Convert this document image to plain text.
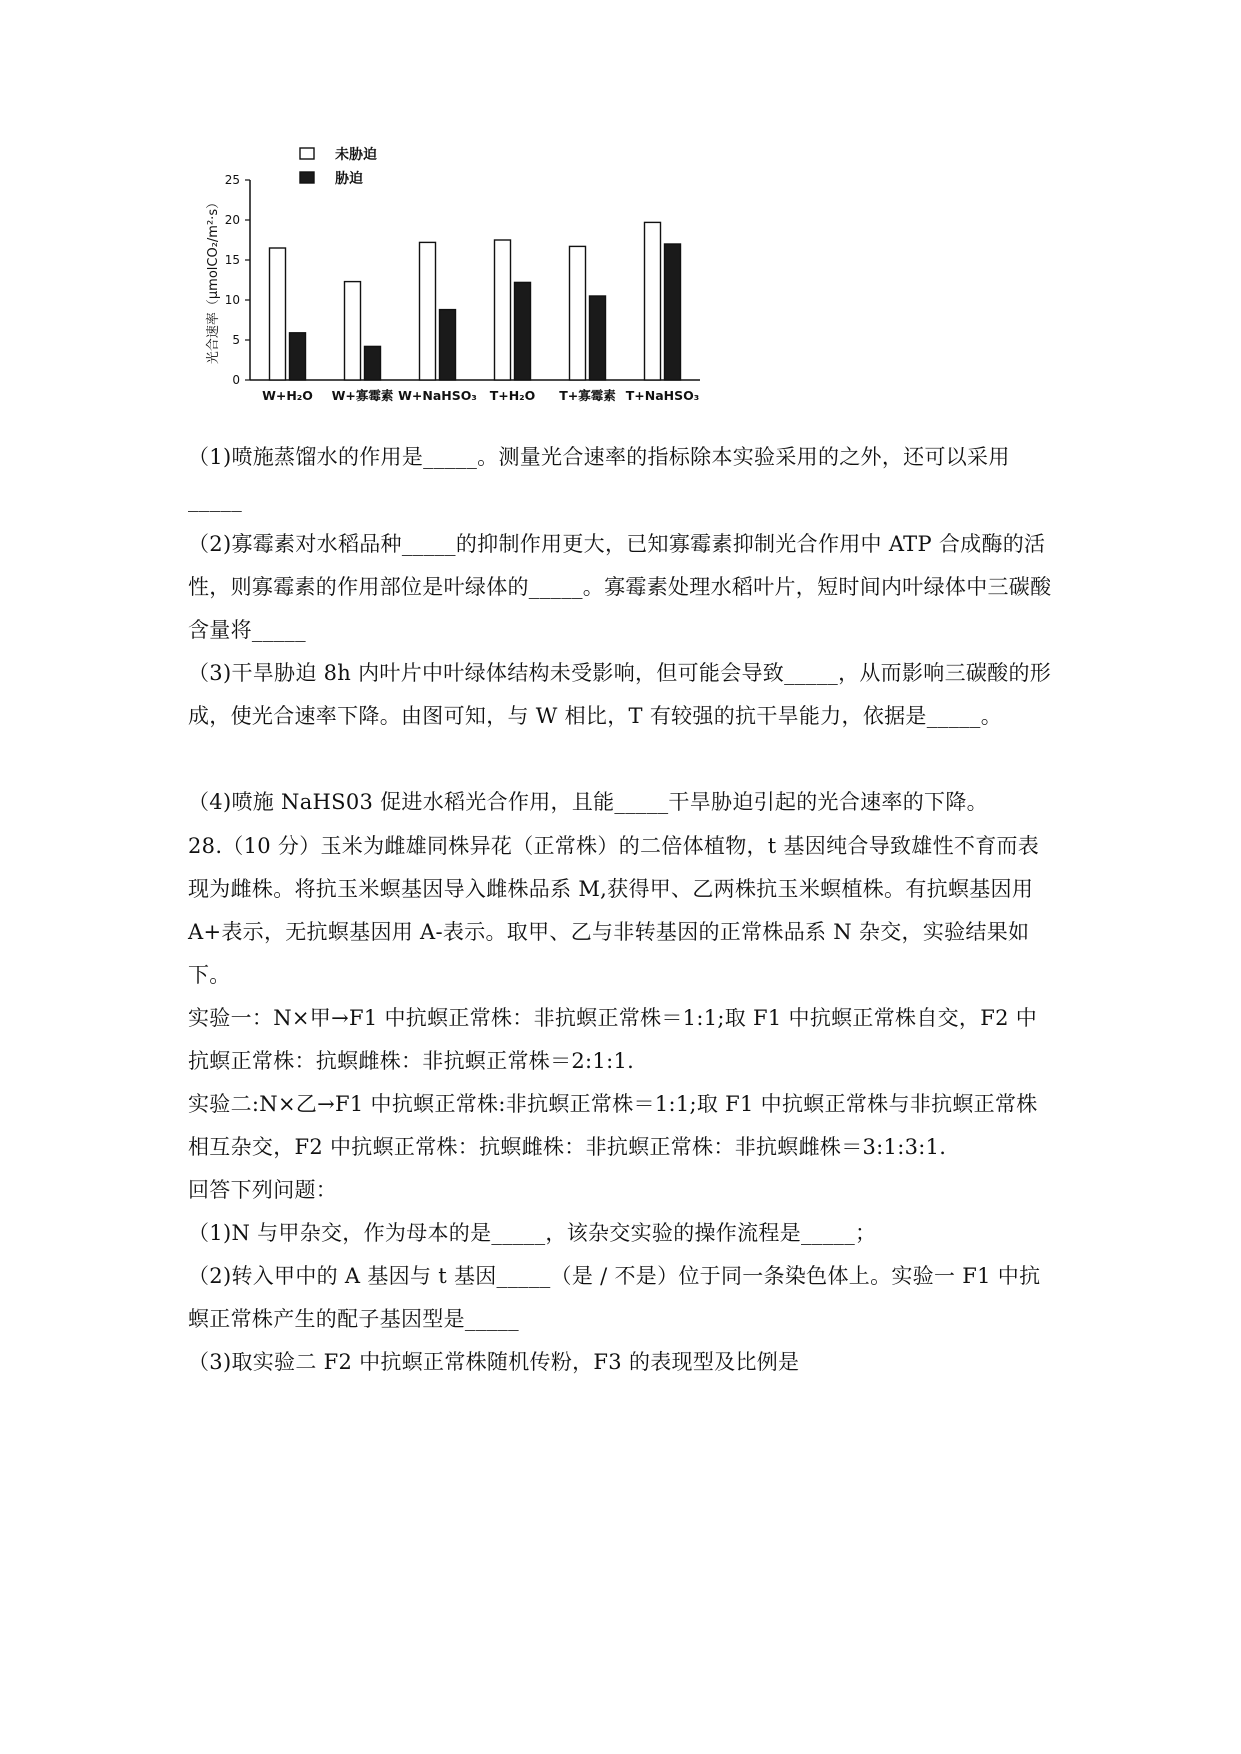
0
5
10
15
20
25
光合速率（μmolCO₂/m²·s）
W+H₂O W+寡霉素 W+NaHSO₃ T+H₂O T+寡霉素 T+NaHSO₃
未胁迫
胁迫

（1)喷施蒸馏水的作用是_____。测量光合速率的指标除本实验采用的之外，还可以采用_____

（2)寡霉素对水稻品种_____的抑制作用更大，已知寡霉素抑制光合作用中 ATP 合成酶的活性，则寡霉素的作用部位是叶绿体的_____。寡霉素处理水稻叶片，短时间内叶绿体中三碳酸含量将_____

（3)干旱胁迫 8h 内叶片中叶绿体结构未受影响，但可能会导致_____，从而影响三碳酸的形成，使光合速率下降。由图可知，与 W 相比，T 有较强的抗干旱能力，依据是_____。

（4)喷施 NaHS03 促进水稻光合作用，且能_____干旱胁迫引起的光合速率的下降。

28.（10 分）玉米为雌雄同株异花（正常株）的二倍体植物，t 基因纯合导致雄性不育而表现为雌株。将抗玉米螟基因导入雌株品系 M,获得甲、乙两株抗玉米螟植株。有抗螟基因用 A+表示，无抗螟基因用 A-表示。取甲、乙与非转基因的正常株品系 N 杂交，实验结果如下。

实验一：N×甲→F1 中抗螟正常株：非抗螟正常株＝1:1;取 F1 中抗螟正常株自交，F2 中抗螟正常株：抗螟雌株：非抗螟正常株＝2:1:1.

实验二:N×乙→F1 中抗螟正常株:非抗螟正常株＝1:1;取 F1 中抗螟正常株与非抗螟正常株相互杂交，F2 中抗螟正常株：抗螟雌株：非抗螟正常株：非抗螟雌株＝3:1:3:1.

回答下列问题：

（1)N 与甲杂交，作为母本的是_____，该杂交实验的操作流程是_____；

（2)转入甲中的 A 基因与 t 基因_____（是 / 不是）位于同一条染色体上。实验一 F1 中抗螟正常株产生的配子基因型是_____

（3)取实验二 F2 中抗螟正常株随机传粉，F3 的表现型及比例是
